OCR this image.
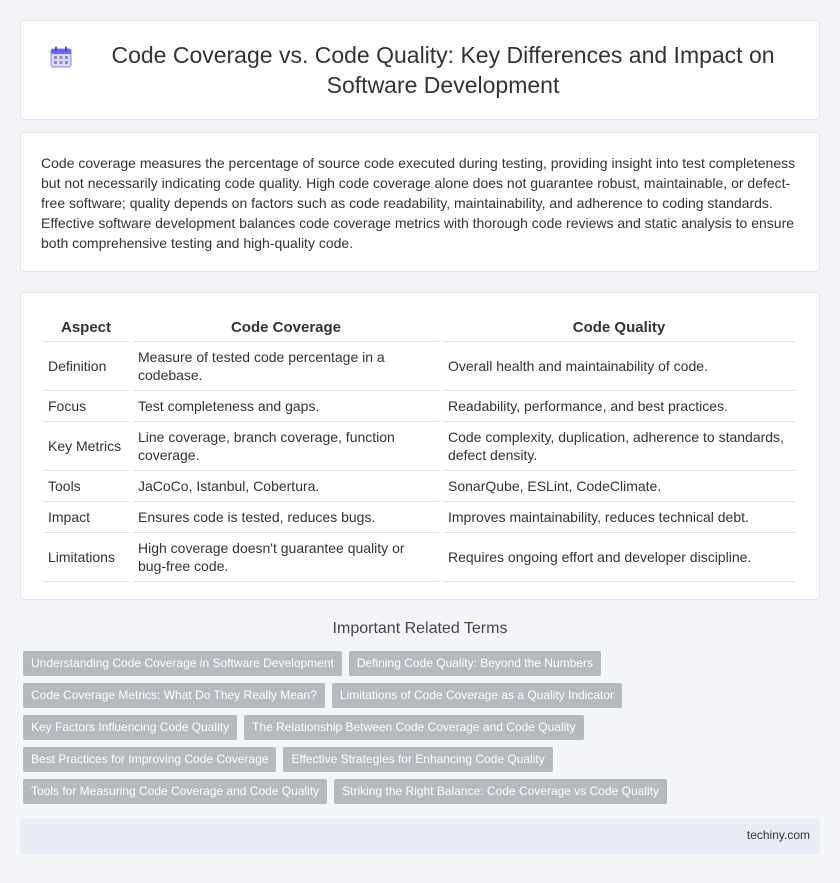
Code Coverage vs. Code Quality: Key Differences and Impact on Software Development

Code coverage measures the percentage of source code executed during testing, providing insight into test completeness but not necessarily indicating code quality. High code coverage alone does not guarantee robust, maintainable, or defect-free software; quality depends on factors such as code readability, maintainability, and adherence to coding standards. Effective software development balances code coverage metrics with thorough code reviews and static analysis to ensure both comprehensive testing and high-quality code.

Aspect	Code Coverage	Code Quality
Definition	Measure of tested code percentage in a codebase.	Overall health and maintainability of code.
Focus	Test completeness and gaps.	Readability, performance, and best practices.
Key Metrics	Line coverage, branch coverage, function coverage.	Code complexity, duplication, adherence to standards, defect density.
Tools	JaCoCo, Istanbul, Cobertura.	SonarQube, ESLint, CodeClimate.
Impact	Ensures code is tested, reduces bugs.	Improves maintainability, reduces technical debt.
Limitations	High coverage doesn't guarantee quality or bug-free code.	Requires ongoing effort and developer discipline.
Important Related Terms
Understanding Code Coverage in Software Development	Defining Code Quality: Beyond the Numbers
Code Coverage Metrics: What Do They Really Mean?	Limitations of Code Coverage as a Quality Indicator
Key Factors Influencing Code Quality	The Relationship Between Code Coverage and Code Quality
Best Practices for Improving Code Coverage	Effective Strategies for Enhancing Code Quality
Tools for Measuring Code Coverage and Code Quality	Striking the Right Balance: Code Coverage vs Code Quality
techiny.com
